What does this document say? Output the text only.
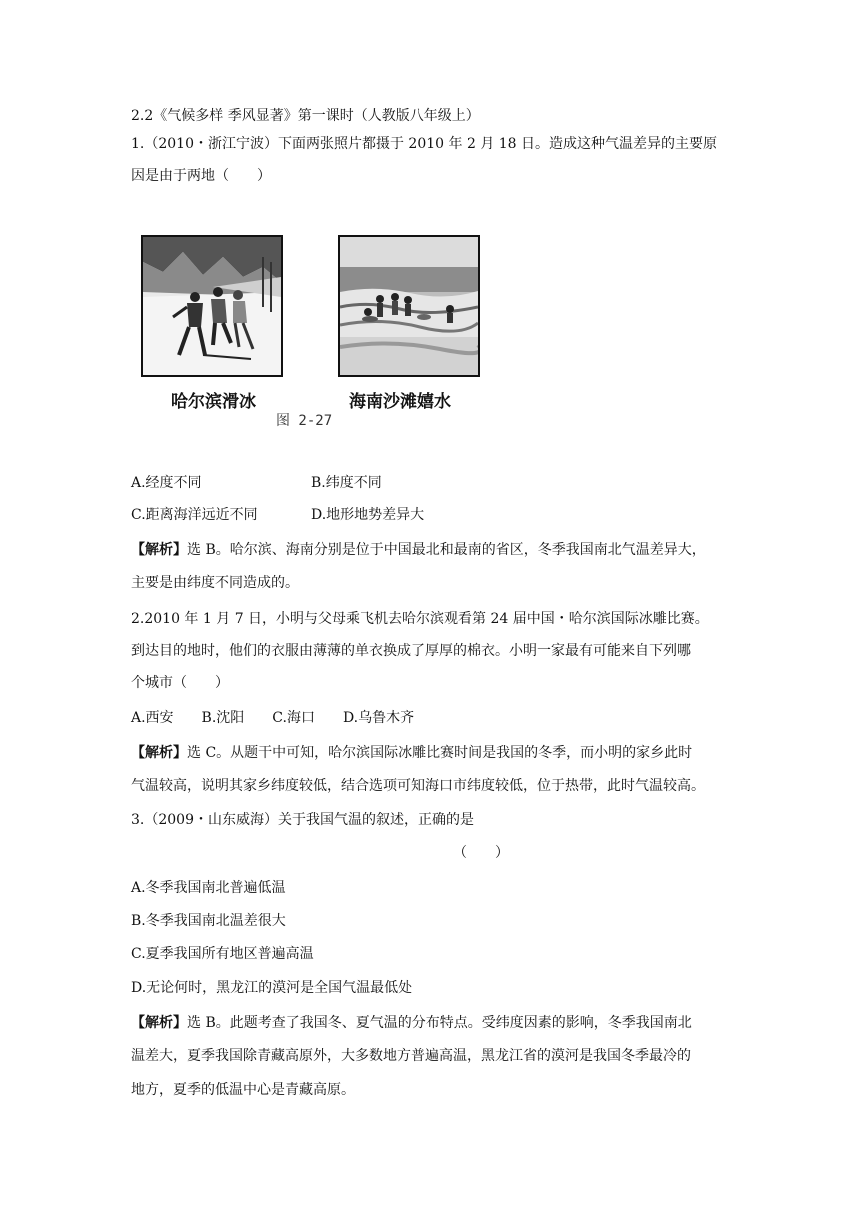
2.2《气候多样 季风显著》第一课时（人教版八年级上）
1.（2010・浙江宁波）下面两张照片都摄于 2010 年 2 月 18 日。造成这种气温差异的主要原
因是由于两地（　　）
A.经度不同	B.纬度不同
C.距离海洋远近不同	D.地形地势差异大
【解析】选 B。哈尔滨、海南分别是位于中国最北和最南的省区，冬季我国南北气温差异大，
主要是由纬度不同造成的。
2.2010 年 1 月 7 日，小明与父母乘飞机去哈尔滨观看第 24 届中国・哈尔滨国际冰雕比赛。
到达目的地时，他们的衣服由薄薄的单衣换成了厚厚的棉衣。小明一家最有可能来自下列哪
个城市（　　）
A.西安　　B.沈阳　　C.海口　　D.乌鲁木齐
【解析】选 C。从题干中可知，哈尔滨国际冰雕比赛时间是我国的冬季，而小明的家乡此时
气温较高，说明其家乡纬度较低，结合选项可知海口市纬度较低，位于热带，此时气温较高。
3.（2009・山东威海）关于我国气温的叙述，正确的是
（　　）
A.冬季我国南北普遍低温
B.冬季我国南北温差很大
C.夏季我国所有地区普遍高温
D.无论何时，黑龙江的漠河是全国气温最低处
【解析】选 B。此题考查了我国冬、夏气温的分布特点。受纬度因素的影响，冬季我国南北
温差大，夏季我国除青藏高原外，大多数地方普遍高温，黑龙江省的漠河是我国冬季最冷的
地方，夏季的低温中心是青藏高原。
哈尔滨滑冰	海南沙滩嬉水
图 2-27
